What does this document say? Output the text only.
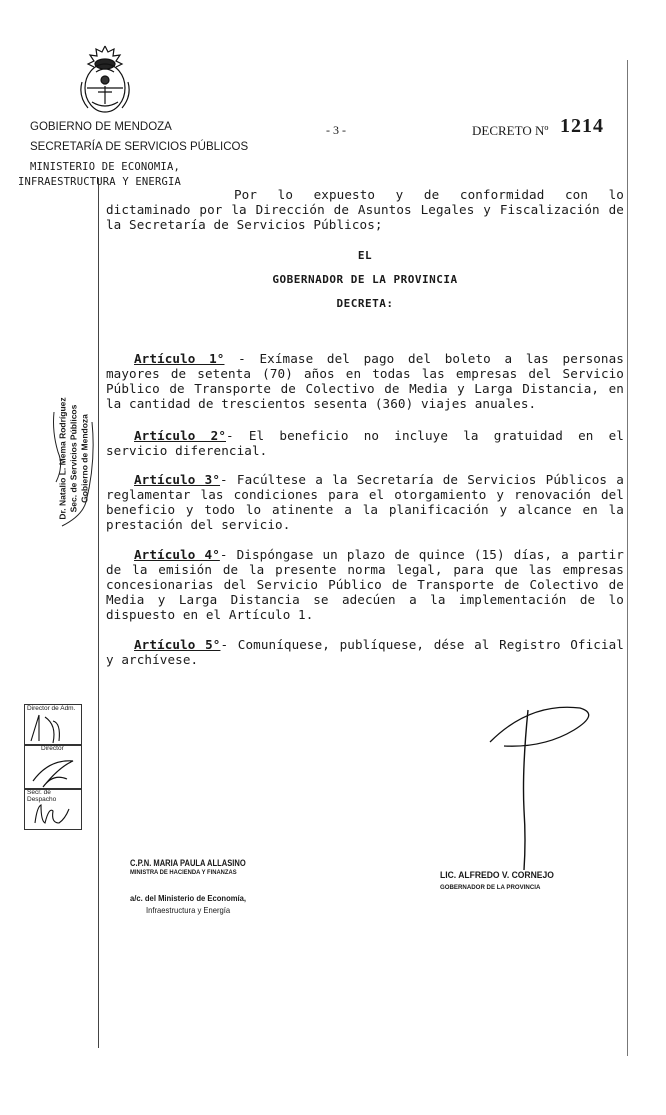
GOBIERNO DE MENDOZA
SECRETARÍA DE SERVICIOS PÚBLICOS
- 3 -	DECRETO Nº 1214
MINISTERIO DE ECONOMIA,
INFRAESTRUCTURA Y ENERGIA

Por lo expuesto y de conformidad con lo dictaminado por la Dirección de Asuntos Legales y Fiscalización de la Secretaría de Servicios Públicos;

EL
GOBERNADOR DE LA PROVINCIA
DECRETA:

Artículo 1° - Exímase del pago del boleto a las personas mayores de setenta (70) años en todas las empresas del Servicio Público de Transporte de Colectivo de Media y Larga Distancia, en la cantidad de trescientos sesenta (360) viajes anuales.

Artículo 2°- El beneficio no incluye la gratuidad en el servicio diferencial.

Artículo 3°- Facúltese a la Secretaría de Servicios Públicos a reglamentar las condiciones para el otorgamiento y renovación del beneficio y todo lo atinente a la planificación y alcance en la prestación del servicio.

Artículo 4°- Dispóngase un plazo de quince (15) días, a partir de la emisión de la presente norma legal, para que las empresas concesionarias del Servicio Público de Transporte de Colectivo de Media y Larga Distancia se adecúen a la implementación de lo dispuesto en el Artículo 1.

Artículo 5°- Comuníquese, publíquese, dése al Registro Oficial y archívese.

Dr. Natalio L. Mema Rodríguez Sec. de Servicios Públicos Gobierno de Mendoza
Director de Adm.
Director
Secr. de Despacho
C.P.N. MARIA PAULA ALLASINO
MINISTRA DE HACIENDA Y FINANZAS
a/c. del Ministerio de Economía,
Infraestructura y Energía
LIC. ALFREDO V. CORNEJO
GOBERNADOR DE LA PROVINCIA
